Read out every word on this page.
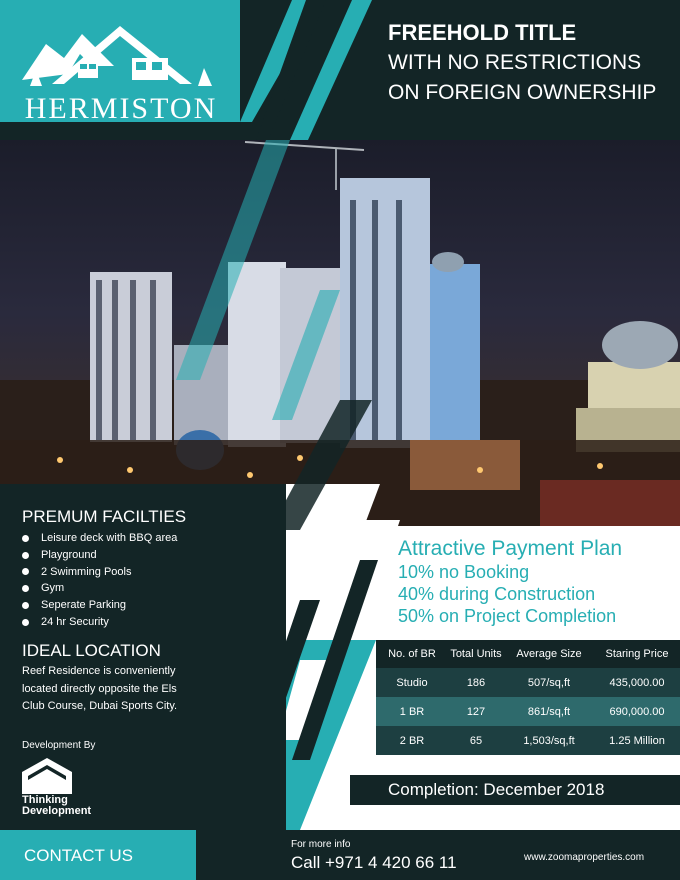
HERMISTON
FREEHOLD TITLE
WITH NO RESTRICTIONS
ON FOREIGN OWNERSHIP
PREMUM FACILTIES
Leisure deck with BBQ area
Playground
2 Swimming Pools
Gym
Seperate Parking
24 hr Security
IDEAL LOCATION
Reef Residence is conveniently located directly opposite the Els Club Course, Dubai Sports City.
Development By
Thinking
Development
Attractive Payment Plan
10% no Booking
40% during Construction
50% on Project Completion
No. of BR	Total Units	Average Size	Staring Price
Studio	186	507/sq,ft	435,000.00
1 BR	127	861/sq,ft	690,000.00
2 BR	65	1,503/sq,ft	1.25 Million
Completion: December 2018
CONTACT US
For more info
Call +971 4 420 66 11	www.zoomaproperties.com
